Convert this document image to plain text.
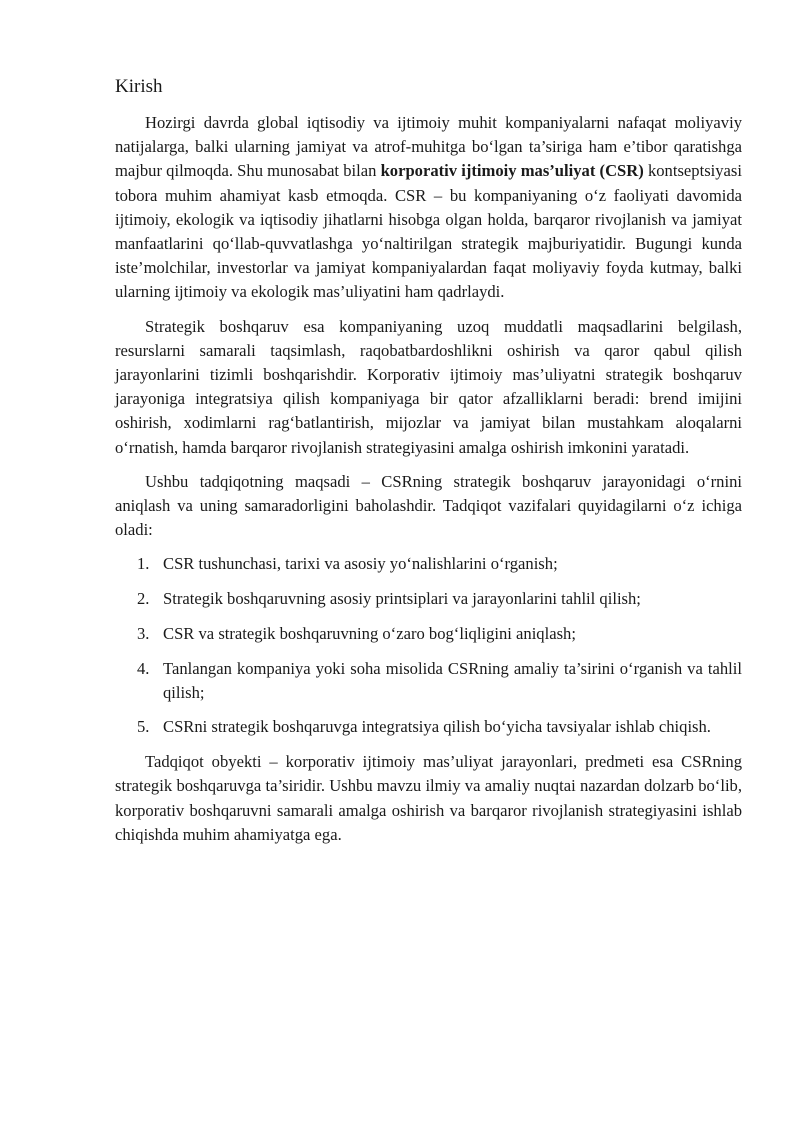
Kirish

Hozirgi davrda global iqtisodiy va ijtimoiy muhit kompaniyalarni nafaqat moliyaviy natijalarga, balki ularning jamiyat va atrof-muhitga bo‘lgan ta’siriga ham e’tibor qaratishga majbur qilmoqda. Shu munosabat bilan korporativ ijtimoiy mas’uliyat (CSR) kontseptsiyasi tobora muhim ahamiyat kasb etmoqda. CSR – bu kompaniyaning o‘z faoliyati davomida ijtimoiy, ekologik va iqtisodiy jihatlarni hisobga olgan holda, barqaror rivojlanish va jamiyat manfaatlarini qo‘llab-quvvatlashga yo‘naltirilgan strategik majburiyatidir. Bugungi kunda iste’molchilar, investorlar va jamiyat kompaniyalardan faqat moliyaviy foyda kutmay, balki ularning ijtimoiy va ekologik mas’uliyatini ham qadrlaydi.

Strategik boshqaruv esa kompaniyaning uzoq muddatli maqsadlarini belgilash, resurslarni samarali taqsimlash, raqobatbardoshlikni oshirish va qaror qabul qilish jarayonlarini tizimli boshqarishdir. Korporativ ijtimoiy mas’uliyatni strategik boshqaruv jarayoniga integratsiya qilish kompaniyaga bir qator afzalliklarni beradi: brend imijini oshirish, xodimlarni rag‘batlantirish, mijozlar va jamiyat bilan mustahkam aloqalarni o‘rnatish, hamda barqaror rivojlanish strategiyasini amalga oshirish imkonini yaratadi.

Ushbu tadqiqotning maqsadi – CSRning strategik boshqaruv jarayonidagi o‘rnini aniqlash va uning samaradorligini baholashdir. Tadqiqot vazifalari quyidagilarni o‘z ichiga oladi:

1. CSR tushunchasi, tarixi va asosiy yo‘nalishlarini o‘rganish;
2. Strategik boshqaruvning asosiy printsiplari va jarayonlarini tahlil qilish;
3. CSR va strategik boshqaruvning o‘zaro bog‘liqligini aniqlash;
4. Tanlangan kompaniya yoki soha misolida CSRning amaliy ta’sirini o‘rganish va tahlil qilish;
5. CSRni strategik boshqaruvga integratsiya qilish bo‘yicha tavsiyalar ishlab chiqish.

Tadqiqot obyekti – korporativ ijtimoiy mas’uliyat jarayonlari, predmeti esa CSRning strategik boshqaruvga ta’siridir. Ushbu mavzu ilmiy va amaliy nuqtai nazardan dolzarb bo‘lib, korporativ boshqaruvni samarali amalga oshirish va barqaror rivojlanish strategiyasini ishlab chiqishda muhim ahamiyatga ega.
